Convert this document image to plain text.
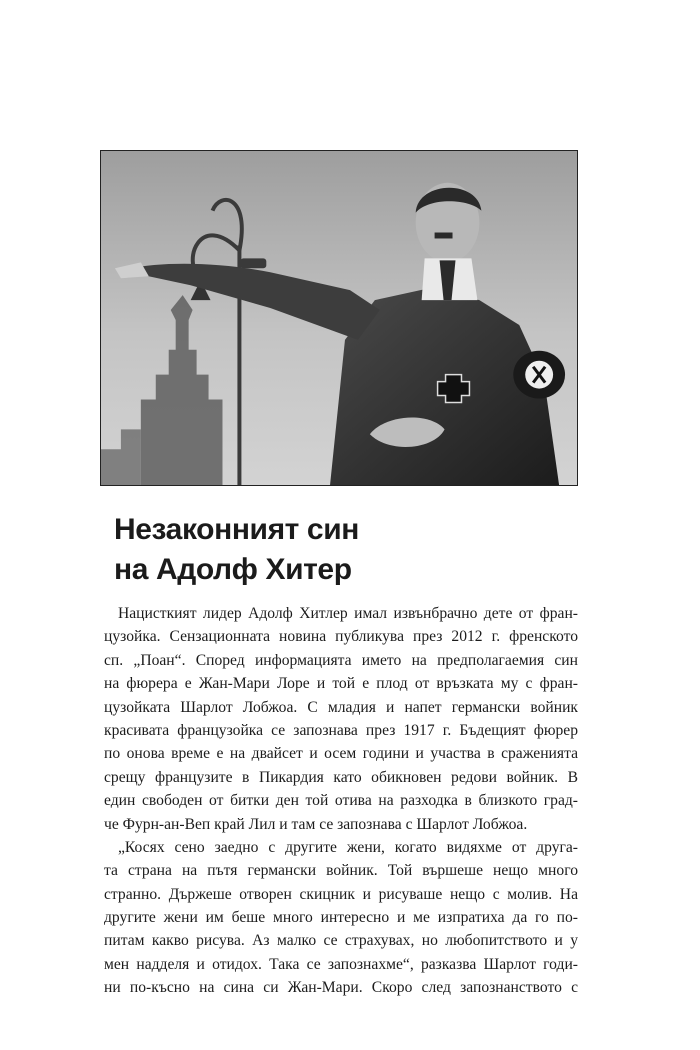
Незаконният син
на Адолф Хитер
Нацисткият лидер Адолф Хитлер имал извънбрачно дете от фран-
цузойка. Сензационната новина публикува през 2012 г. френското
сп. „Поан“. Според информацията името на предполагаемия син
на фюрера е Жан-Мари Лоре и той е плод от връзката му с фран-
цузойката Шарлот Лобжоа. С младия и напет германски войник
красивата французойка се запознава през 1917 г. Бъдещият фюрер
по онова време е на двайсет и осем години и участва в сраженията
срещу французите в Пикардия като обикновен редови войник. В
един свободен от битки ден той отива на разходка в близкото град-
че Фурн-ан-Веп край Лил и там се запознава с Шарлот Лобжоа.
„Косях сено заедно с другите жени, когато видяхме от друга-
та страна на пътя германски войник. Той вършеше нещо много
странно. Държеше отворен скицник и рисуваше нещо с молив. На
другите жени им беше много интересно и ме изпратиха да го по-
питам какво рисува. Аз малко се страхувах, но любопитството и у
мен надделя и отидох. Така се запознахме“, разказва Шарлот годи-
ни по-късно на сина си Жан-Мари. Скоро след запознанството с
